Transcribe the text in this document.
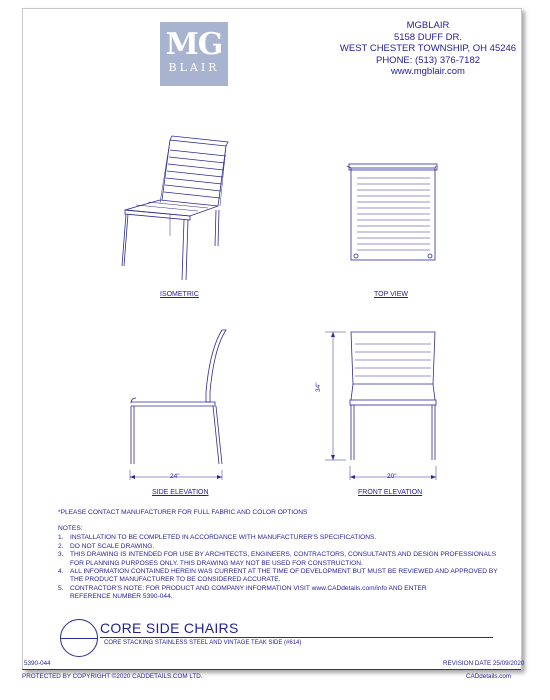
MG
BLAIR
MGBLAIR
5158 DUFF DR.
WEST CHESTER TOWNSHIP, OH 45246
PHONE: (513) 376-7182
www.mgblair.com
ISOMETRIC	TOP VIEW
SIDE ELEVATION	FRONT ELEVATION
24"	20"
34"
*PLEASE CONTACT MANUFACTURER FOR FULL FABRIC AND COLOR OPTIONS
NOTES:
1. INSTALLATION TO BE COMPLETED IN ACCORDANCE WITH MANUFACTURER'S SPECIFICATIONS.
2. DO NOT SCALE DRAWING.
3. THIS DRAWING IS INTENDED FOR USE BY ARCHITECTS, ENGINEERS, CONTRACTORS, CONSULTANTS AND DESIGN PROFESSIONALS
FOR PLANNING PURPOSES ONLY. THIS DRAWING MAY NOT BE USED FOR CONSTRUCTION.
4. ALL INFORMATION CONTAINED HEREIN WAS CURRENT AT THE TIME OF DEVELOPMENT BUT MUST BE REVIEWED AND APPROVED BY
THE PRODUCT MANUFACTURER TO BE CONSIDERED ACCURATE.
5. CONTRACTOR'S NOTE: FOR PRODUCT AND COMPANY INFORMATION VISIT www.CADdetails.com/info AND ENTER
REFERENCE NUMBER 5390-044.
CORE SIDE CHAIRS
CORE STACKING STAINLESS STEEL AND VINTAGE TEAK SIDE (#614)
5390-044	REVISION DATE 25/09/2020
PROTECTED BY COPYRIGHT ©2020 CADDETAILS.COM LTD.	CADdetails.com
